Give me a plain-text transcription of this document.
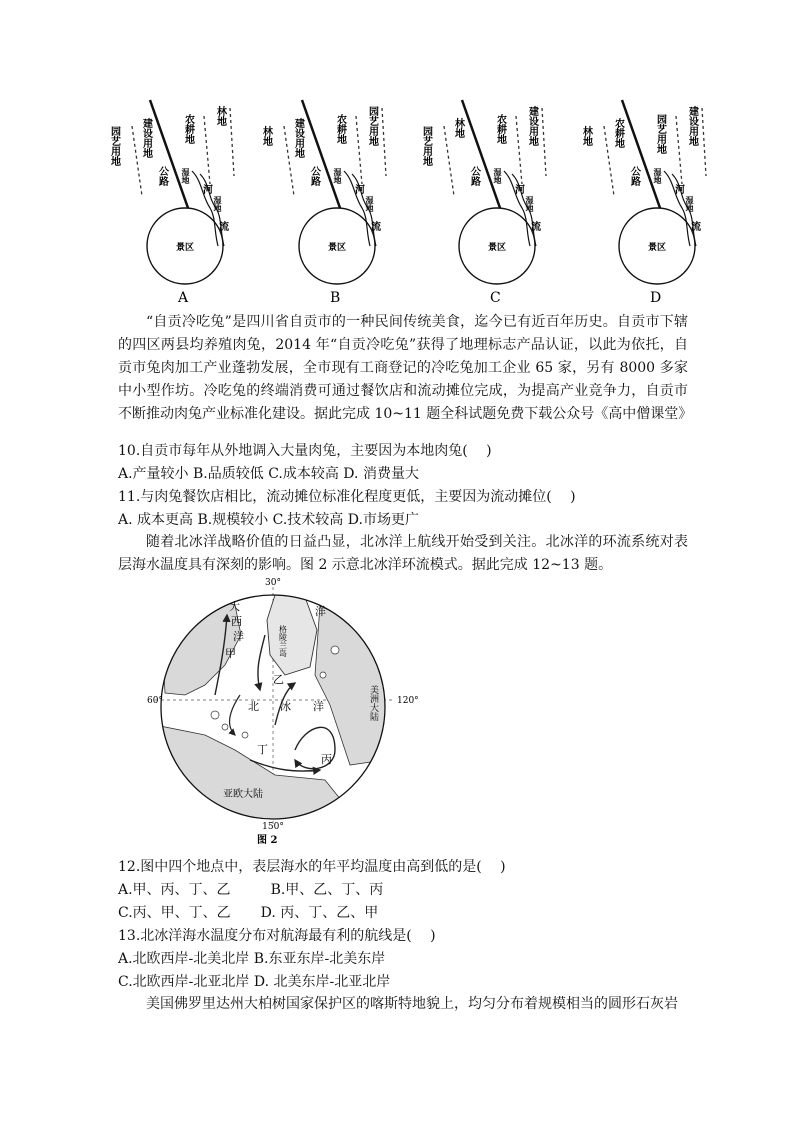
景区
园艺用地 建设用地	农耕地 林地
公路 湿地
湿地
河
流
A
景区
林地 建设用地	农耕地 园艺用地
公路 湿地
湿地
河
流
B
景区
园艺用地 林地	农耕地 建设用地
公路 湿地
湿地
河
流
C
景区
林地 农耕地	园艺用地 建设用地
公路 湿地
湿地
河
流
D

“自贡冷吃兔”是四川省自贡市的一种民间传统美食，迄今已有近百年历史。自贡市下辖的四区两县均养殖肉兔，2014 年“自贡冷吃兔”获得了地理标志产品认证，以此为依托，自贡市兔肉加工产业蓬勃发展，全市现有工商登记的冷吃兔加工企业 65 家，另有 8000 多家中小型作坊。冷吃兔的终端消费可通过餐饮店和流动摊位完成，为提高产业竞争力，自贡市不断推动肉兔产业标准化建设。据此完成 10~11 题全科试题免费下载公众号《高中僧课堂》

10.自贡市每年从外地调入大量肉兔，主要因为本地肉兔(　 )

A.产量较小 B.品质较低 C.成本较高 D. 消费量大

11.与肉兔餐饮店相比，流动摊位标准化程度更低，主要因为流动摊位(　 )

A. 成本更高 B.规模较小 C.技术较高 D.市场更广

随着北冰洋战略价值的日益凸显，北冰洋上航线开始受到关注。北冰洋的环流系统对表层海水温度具有深刻的影响。图 2 示意北冰洋环流模式。据此完成 12~13 题。

30°
60°	120°
150°
图 2
大
西
洋
洋
甲
乙
丙
丁
北 冰 洋
格陵兰岛
美洲大陆
亚欧大陆

12.图中四个地点中，表层海水的年平均温度由高到低的是(　 )

A.甲、丙、丁、乙	B.甲、乙、丁、丙

C.丙、甲、丁、乙 D. 丙、丁、乙、甲

13.北冰洋海水温度分布对航海最有利的航线是(　 )

A.北欧西岸-北美北岸 B.东亚东岸-北美东岸

C.北欧西岸-北亚北岸 D. 北美东岸-北亚北岸

美国佛罗里达州大柏树国家保护区的喀斯特地貌上，均匀分布着规模相当的圆形石灰岩
